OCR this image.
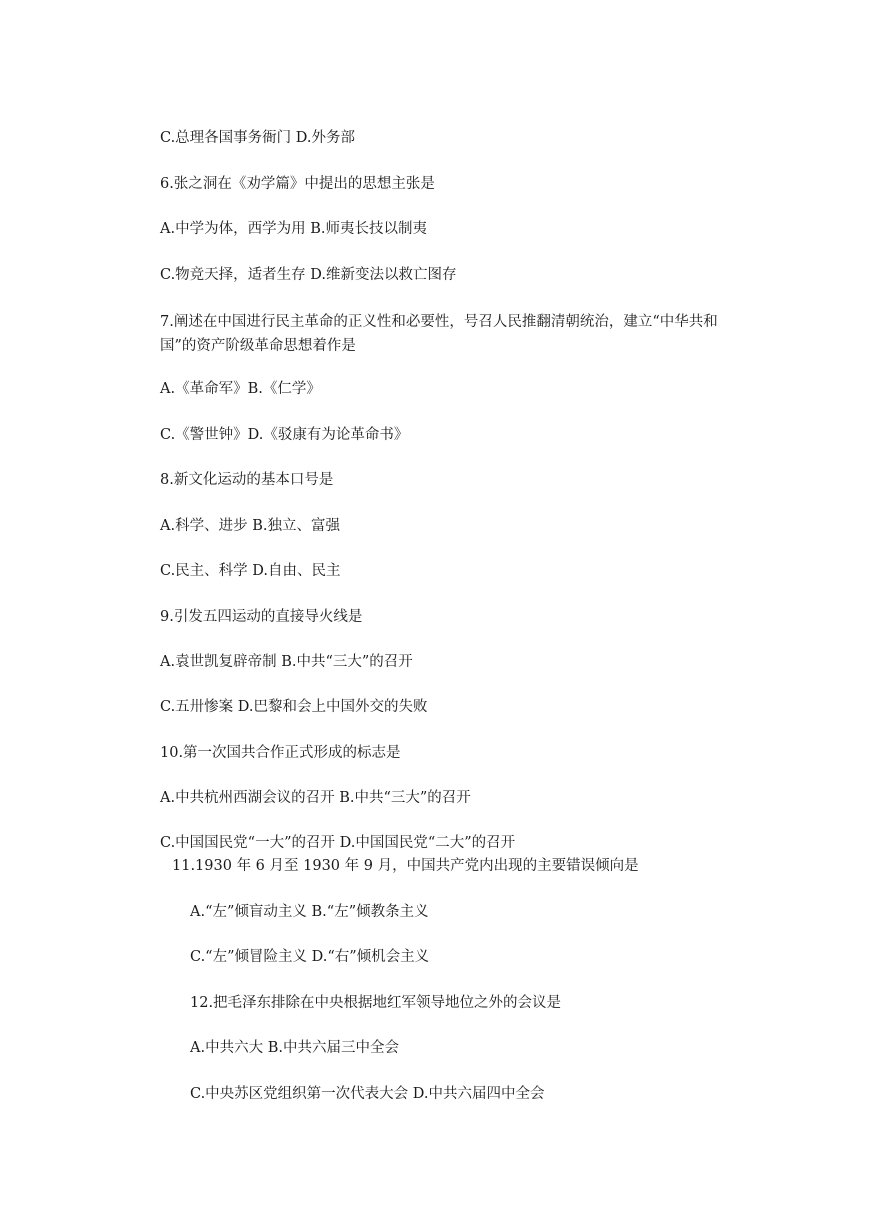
C.总理各国事务衙门 D.外务部
6.张之洞在《劝学篇》中提出的思想主张是
A.中学为体，西学为用 B.师夷长技以制夷
C.物竞天择，适者生存 D.维新变法以救亡图存
7.阐述在中国进行民主革命的正义性和必要性，号召人民推翻清朝统治，建立“中华共和国”的资产阶级革命思想着作是
A.《革命军》B.《仁学》
C.《警世钟》D.《驳康有为论革命书》
8.新文化运动的基本口号是
A.科学、进步 B.独立、富强
C.民主、科学 D.自由、民主
9.引发五四运动的直接导火线是
A.袁世凯复辟帝制 B.中共“三大”的召开
C.五卅惨案 D.巴黎和会上中国外交的失败
10.第一次国共合作正式形成的标志是
A.中共杭州西湖会议的召开 B.中共“三大”的召开
C.中国国民党“一大”的召开 D.中国国民党“二大”的召开
11.1930 年 6 月至 1930 年 9 月，中国共产党内出现的主要错误倾向是
A.“左”倾盲动主义 B.“左”倾教条主义
C.“左”倾冒险主义 D.“右”倾机会主义
12.把毛泽东排除在中央根据地红军领导地位之外的会议是
A.中共六大 B.中共六届三中全会
C.中央苏区党组织第一次代表大会 D.中共六届四中全会
